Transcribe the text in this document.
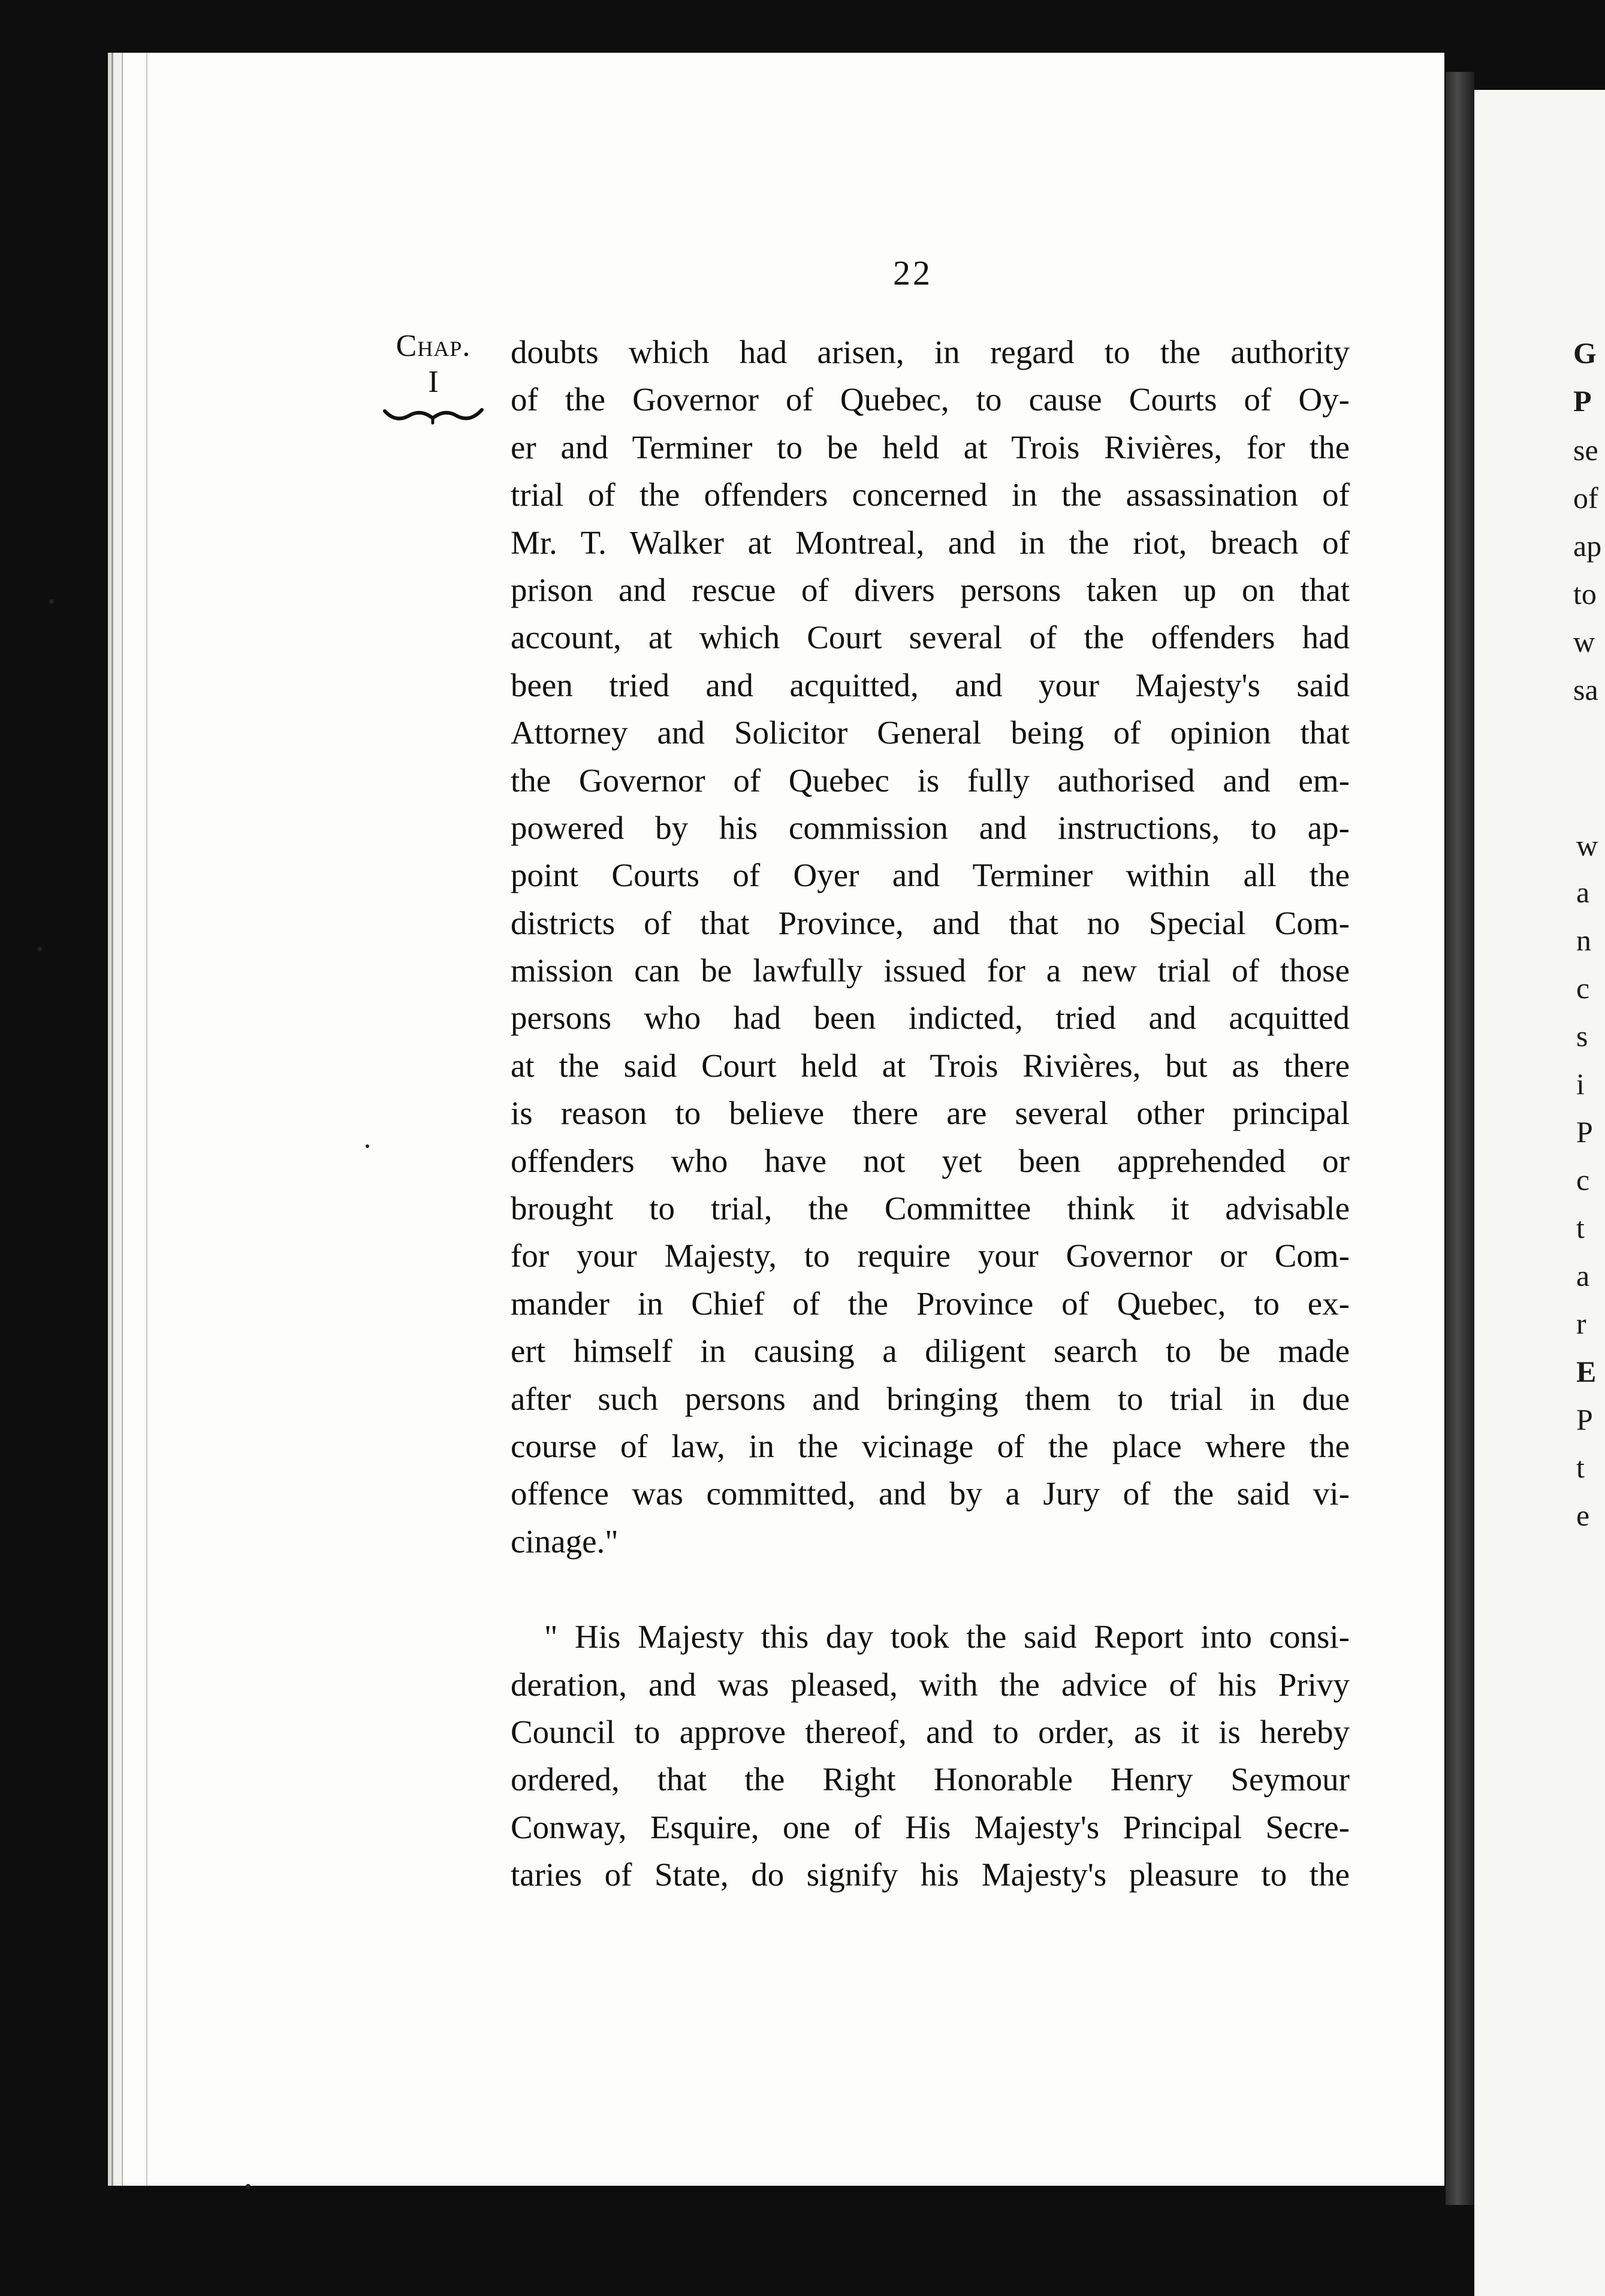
G
P
se
of
ap
to
w
sa
w
a
n
c
s
i
P
c
t
a
r
E
P
t
e
22
Chap.
I
doubts which had arisen, in regard to the authority
of the Governor of Quebec, to cause Courts of Oy-
er and Terminer to be held at Trois Rivières, for the
trial of the offenders concerned in the assassination of
Mr. T. Walker at Montreal, and in the riot, breach of
prison and rescue of divers persons taken up on that
account, at which Court several of the offenders had
been tried and acquitted, and your Majesty's said
Attorney and Solicitor General being of opinion that
the Governor of Quebec is fully authorised and em-
powered by his commission and instructions, to ap-
point Courts of Oyer and Terminer within all the
districts of that Province, and that no Special Com-
mission can be lawfully issued for a new trial of those
persons who had been indicted, tried and acquitted
at the said Court held at Trois Rivières, but as there
is reason to believe there are several other principal
offenders who have not yet been apprehended or
brought to trial, the Committee think it advisable
for your Majesty, to require your Governor or Com-
mander in Chief of the Province of Quebec, to ex-
ert himself in causing a diligent search to be made
after such persons and bringing them to trial in due
course of law, in the vicinage of the place where the
offence was committed, and by a Jury of the said vi-
cinage."
" His Majesty this day took the said Report into consi-
deration, and was pleased, with the advice of his Privy
Council to approve thereof, and to order, as it is hereby
ordered, that the Right Honorable Henry Seymour
Conway, Esquire, one of His Majesty's Principal Secre-
taries of State, do signify his Majesty's pleasure to the
